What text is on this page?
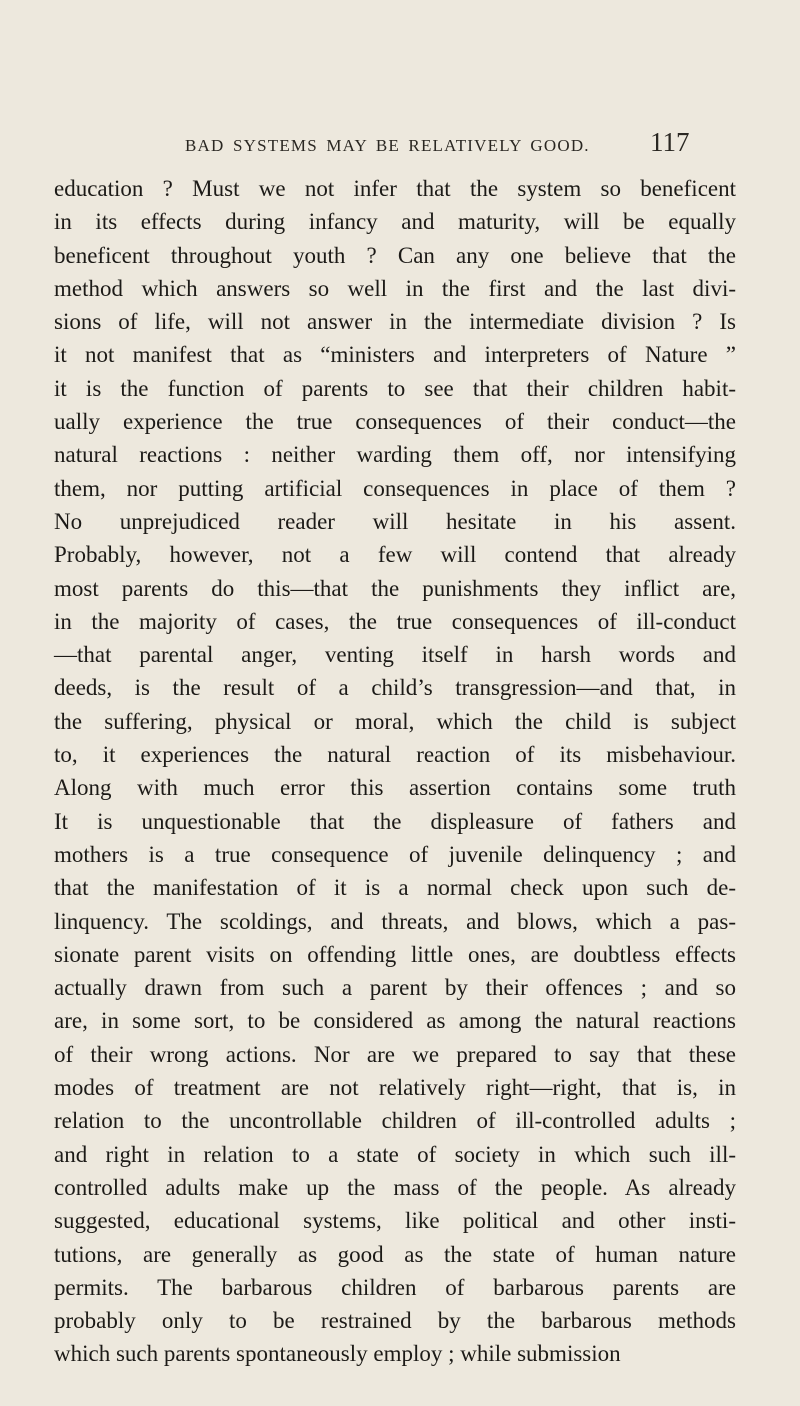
BAD SYSTEMS MAY BE RELATIVELY GOOD. 117
education ? Must we not infer that the system so beneficent
in its effects during infancy and maturity, will be equally
beneficent throughout youth ? Can any one believe that the
method which answers so well in the first and the last divi-
sions of life, will not answer in the intermediate division ? Is
it not manifest that as “ministers and interpreters of Nature ”
it is the function of parents to see that their children habit-
ually experience the true consequences of their conduct—the
natural reactions : neither warding them off, nor intensifying
them, nor putting artificial consequences in place of them ?
No unprejudiced reader will hesitate in his assent.
Probably, however, not a few will contend that already
most parents do this—that the punishments they inflict are,
in the majority of cases, the true consequences of ill-conduct
—that parental anger, venting itself in harsh words and
deeds, is the result of a child’s transgression—and that, in
the suffering, physical or moral, which the child is subject
to, it experiences the natural reaction of its misbehaviour.
Along with much error this assertion contains some truth
It is unquestionable that the displeasure of fathers and
mothers is a true consequence of juvenile delinquency ; and
that the manifestation of it is a normal check upon such de-
linquency. The scoldings, and threats, and blows, which a pas-
sionate parent visits on offending little ones, are doubtless effects
actually drawn from such a parent by their offences ; and so
are, in some sort, to be considered as among the natural reactions
of their wrong actions. Nor are we prepared to say that these
modes of treatment are not relatively right—right, that is, in
relation to the uncontrollable children of ill-controlled adults ;
and right in relation to a state of society in which such ill-
controlled adults make up the mass of the people. As already
suggested, educational systems, like political and other insti-
tutions, are generally as good as the state of human nature
permits. The barbarous children of barbarous parents are
probably only to be restrained by the barbarous methods
which such parents spontaneously employ ; while submission
